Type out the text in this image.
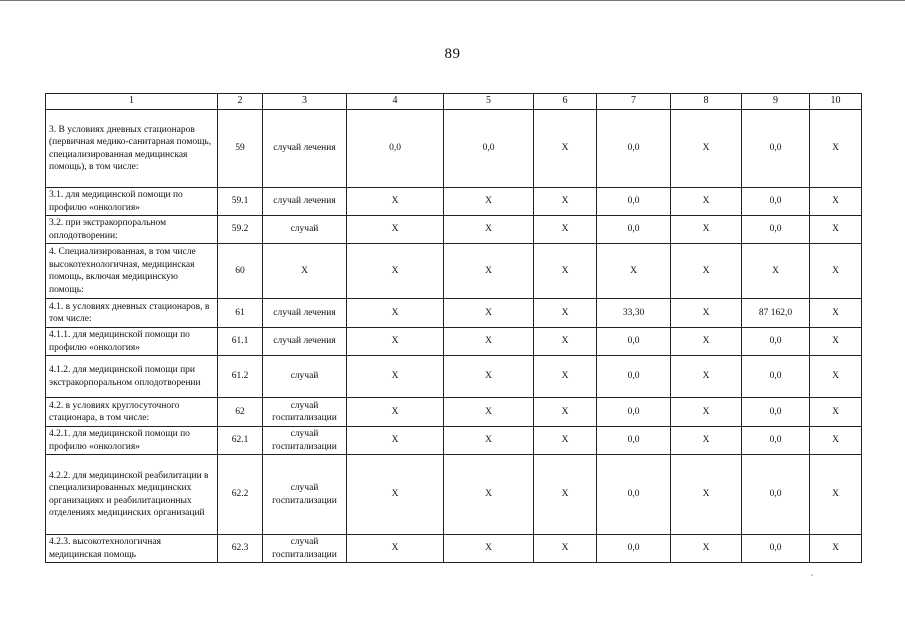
89
1	2	3	4	5	6	7	8	9	10
3. В условиях дневных стационаров (первичная медико-санитарная помощь, специализированная медицинская помощь), в том числе:	59	случай лечения	0,0	0,0	Х	0,0	Х	0,0	Х
3.1. для медицинской помощи по профилю «онкология»	59.1	случай лечения	Х	Х	Х	0,0	Х	0,0	Х
3.2. при экстракорпоральном оплодотворении:	59.2	случай	Х	Х	Х	0,0	Х	0,0	Х
4. Специализированная, в том числе высокотехнологичная, медицинская помощь, включая медицинскую помощь:	60	Х	Х	Х	Х	Х	Х	Х	Х
4.1. в условиях дневных стационаров, в том числе:	61	случай лечения	Х	Х	Х	33,30	Х	87 162,0	Х
4.1.1. для медицинской помощи по профилю «онкология»	61.1	случай лечения	Х	Х	Х	0,0	Х	0,0	Х
4.1.2. для медицинской помощи при экстракорпоральном оплодотворении	61.2	случай	Х	Х	Х	0,0	Х	0,0	Х
4.2. в условиях круглосуточного стационара, в том числе:	62	случай госпитализации	Х	Х	Х	0,0	Х	0,0	Х
4.2.1. для медицинской помощи по профилю «онкология»	62.1	случай госпитализации	Х	Х	Х	0,0	Х	0,0	Х
4.2.2. для медицинской реабилитации в специализированных медицинских организациях и реабилитационных отделениях медицинских организаций	62.2	случай госпитализации	Х	Х	Х	0,0	Х	0,0	Х
4.2.3. высокотехнологичная медицинская помощь	62.3	случай госпитализации	Х	Х	Х	0,0	Х	0,0	Х
